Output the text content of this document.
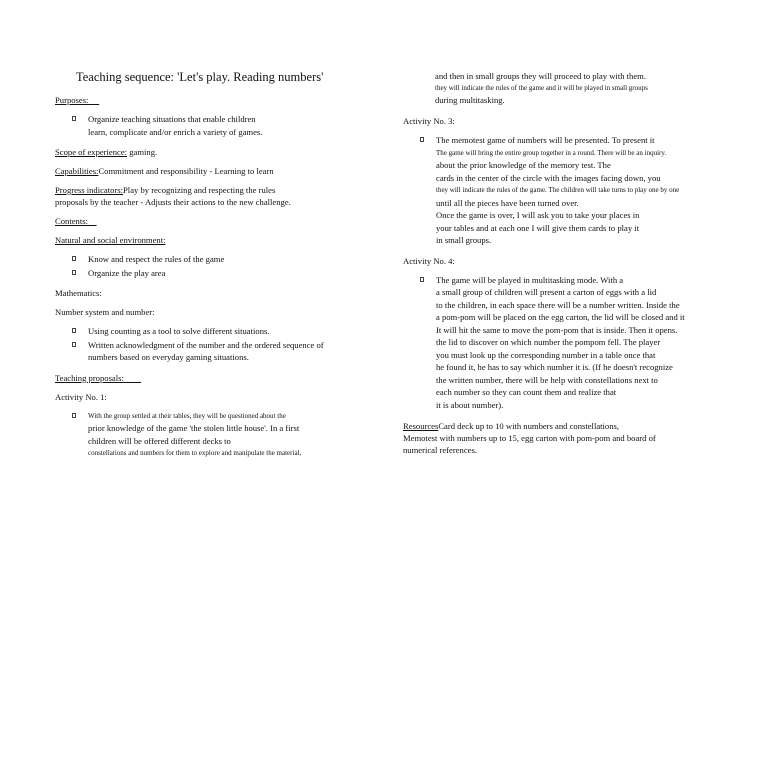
Teaching sequence: 'Let's play. Reading numbers'
Purposes:
Organize teaching situations that enable children
learn, complicate and/or enrich a variety of games.
Scope of experience: gaming.
Capabilities:Commitment and responsibility - Learning to learn
Progress indicators:Play by recognizing and respecting the rules
proposals by the teacher - Adjusts their actions to the new challenge.
Contents:
Natural and social environment:
Know and respect the rules of the game
Organize the play area
Mathematics:
Number system and number:
Using counting as a tool to solve different situations.
Written acknowledgment of the number and the ordered sequence of
numbers based on everyday gaming situations.
Teaching proposals:
Activity No. 1:
With the group settled at their tables, they will be questioned about the
prior knowledge of the game 'the stolen little house'. In a first
children will be offered different decks to
constellations and numbers for them to explore and manipulate the material,
and then in small groups they will proceed to play with them.
they will indicate the rules of the game and it will be played in small groups
during multitasking.
Activity No. 3:
The memotest game of numbers will be presented. To present it
The game will bring the entire group together in a round. There will be an inquiry.
about the prior knowledge of the memory test. The
cards in the center of the circle with the images facing down, you
they will indicate the rules of the game. The children will take turns to play one by one
until all the pieces have been turned over.
Once the game is over, I will ask you to take your places in
your tables and at each one I will give them cards to play it
in small groups.
Activity No. 4:
The game will be played in multitasking mode. With a
a small group of children will present a carton of eggs with a lid
to the children, in each space there will be a number written. Inside the
a pom-pom will be placed on the egg carton, the lid will be closed and it
It will hit the same to move the pom-pom that is inside. Then it opens.
the lid to discover on which number the pompom fell. The player
you must look up the corresponding number in a table once that
he found it, he has to say which number it is. (If he doesn't recognize
the written number, there will be help with constellations next to
each number so they can count them and realize that
it is about number).
ResourcesCard deck up to 10 with numbers and constellations,
Memotest with numbers up to 15, egg carton with pom-pom and board of
numerical references.
